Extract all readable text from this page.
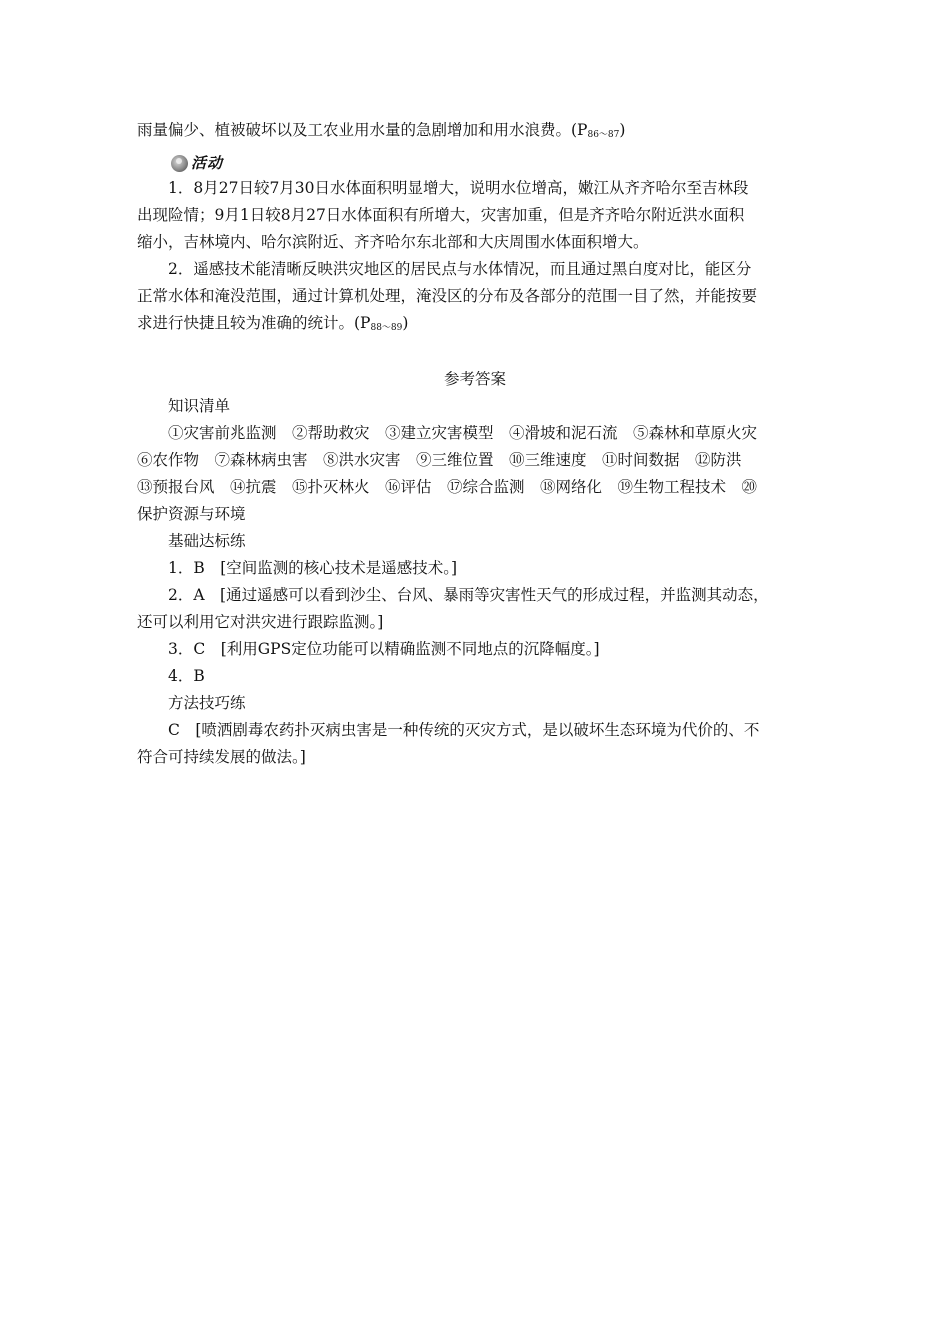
雨量偏少、植被破坏以及工农业用水量的急剧增加和用水浪费。$(P_{86\sim 87})$

活动

1．8月27日较7月30日水体面积明显增大，说明水位增高，嫩江从齐齐哈尔至吉林段

出现险情；9月1日较8月27日水体面积有所增大，灾害加重，但是齐齐哈尔附近洪水面积

缩小，吉林境内、哈尔滨附近、齐齐哈尔东北部和大庆周围水体面积增大。

2．遥感技术能清晰反映洪灾地区的居民点与水体情况，而且通过黑白度对比，能区分

正常水体和淹没范围，通过计算机处理，淹没区的分布及各部分的范围一目了然，并能按要

求进行快捷且较为准确的统计。$(P_{88\sim 89})$

参考答案

知识清单

①灾害前兆监测　②帮助救灾　③建立灾害模型　④滑坡和泥石流　⑤森林和草原火灾

⑥农作物　⑦森林病虫害　⑧洪水灾害　⑨三维位置　⑩三维速度　⑪时间数据　⑫防洪

⑬预报台风　⑭抗震　⑮扑灭林火　⑯评估　⑰综合监测　⑱网络化　⑲生物工程技术　⑳

保护资源与环境

基础达标练

1．B　[空间监测的核心技术是遥感技术。]

2．A　[通过遥感可以看到沙尘、台风、暴雨等灾害性天气的形成过程，并监测其动态，

还可以利用它对洪灾进行跟踪监测。]

3．C　[利用GPS定位功能可以精确监测不同地点的沉降幅度。]

4．B

方法技巧练

C　[喷洒剧毒农药扑灭病虫害是一种传统的灭灾方式，是以破坏生态环境为代价的、不

符合可持续发展的做法。]
